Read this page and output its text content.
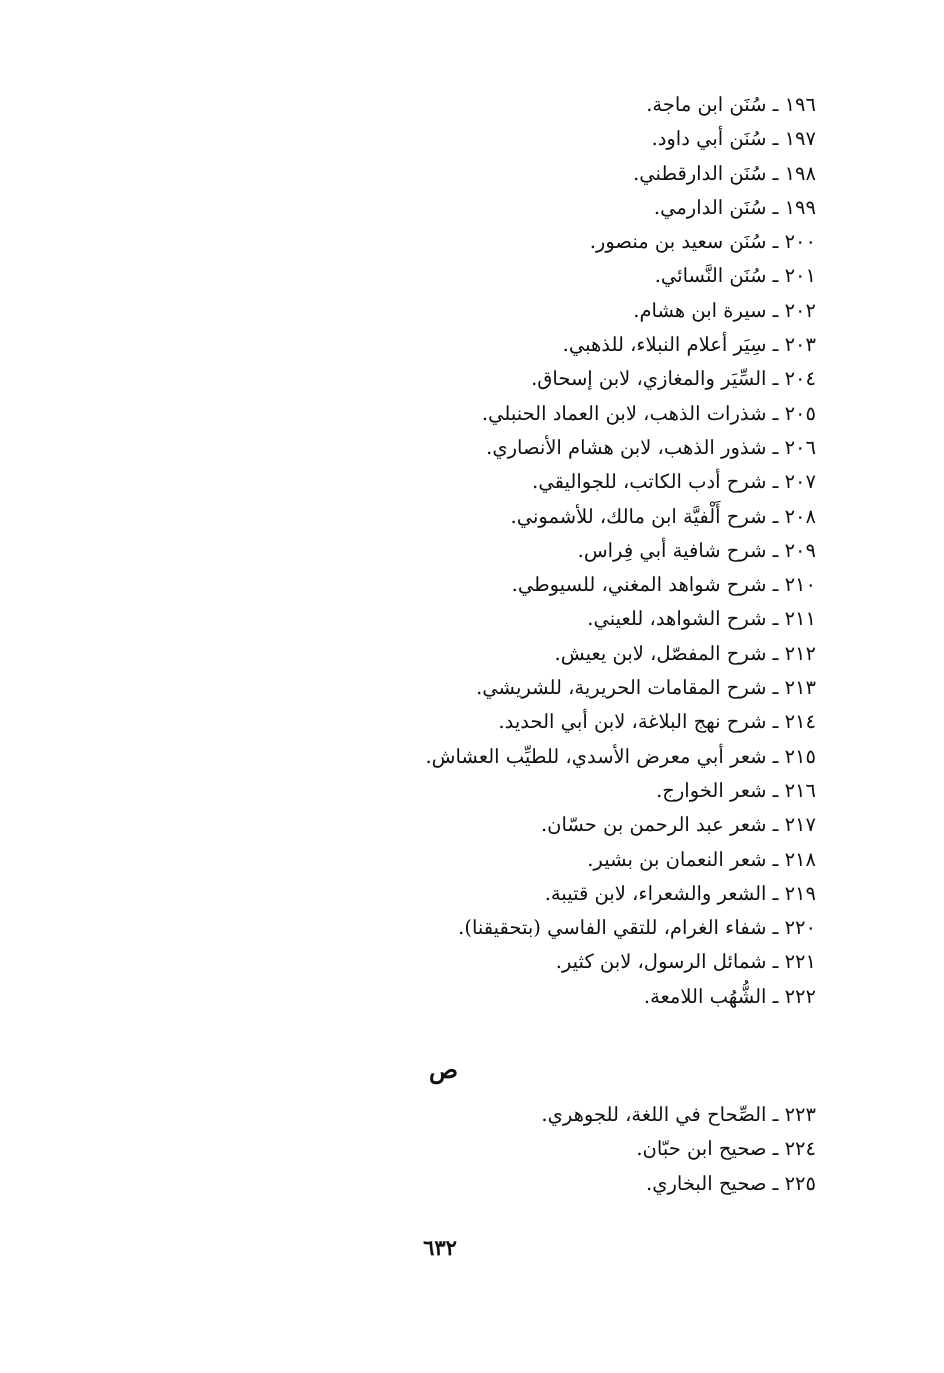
١٩٦ ـ سُنَن ابن ماجة.
١٩٧ ـ سُنَن أبي داود.
١٩٨ ـ سُنَن الدارقطني.
١٩٩ ـ سُنَن الدارمي.
٢٠٠ ـ سُنَن سعيد بن منصور.
٢٠١ ـ سُنَن النَّسائي.
٢٠٢ ـ سيرة ابن هشام.
٢٠٣ ـ سِيَر أعلام النبلاء، للذهبي.
٢٠٤ ـ السِّيَر والمغازي، لابن إسحاق.
٢٠٥ ـ شذرات الذهب، لابن العماد الحنبلي.
٢٠٦ ـ شذور الذهب، لابن هشام الأنصاري.
٢٠٧ ـ شرح أدب الكاتب، للجواليقي.
٢٠٨ ـ شرح أَلْفيَّة ابن مالك، للأشموني.
٢٠٩ ـ شرح شافية أبي فِراس.
٢١٠ ـ شرح شواهد المغني، للسيوطي.
٢١١ ـ شرح الشواهد، للعيني.
٢١٢ ـ شرح المفصّل، لابن يعيش.
٢١٣ ـ شرح المقامات الحريرية، للشريشي.
٢١٤ ـ شرح نهج البلاغة، لابن أبي الحديد.
٢١٥ ـ شعر أبي معرض الأسدي، للطيِّب العشاش.
٢١٦ ـ شعر الخوارج.
٢١٧ ـ شعر عبد الرحمن بن حسّان.
٢١٨ ـ شعر النعمان بن بشير.
٢١٩ ـ الشعر والشعراء، لابن قتيبة.
٢٢٠ ـ شفاء الغرام، للتقي الفاسي (بتحقيقنا).
٢٢١ ـ شمائل الرسول، لابن كثير.
٢٢٢ ـ الشُّهُب اللامعة.
ص
٢٢٣ ـ الصِّحاح في اللغة، للجوهري.
٢٢٤ ـ صحيح ابن حبّان.
٢٢٥ ـ صحيح البخاري.
٦٣٢
